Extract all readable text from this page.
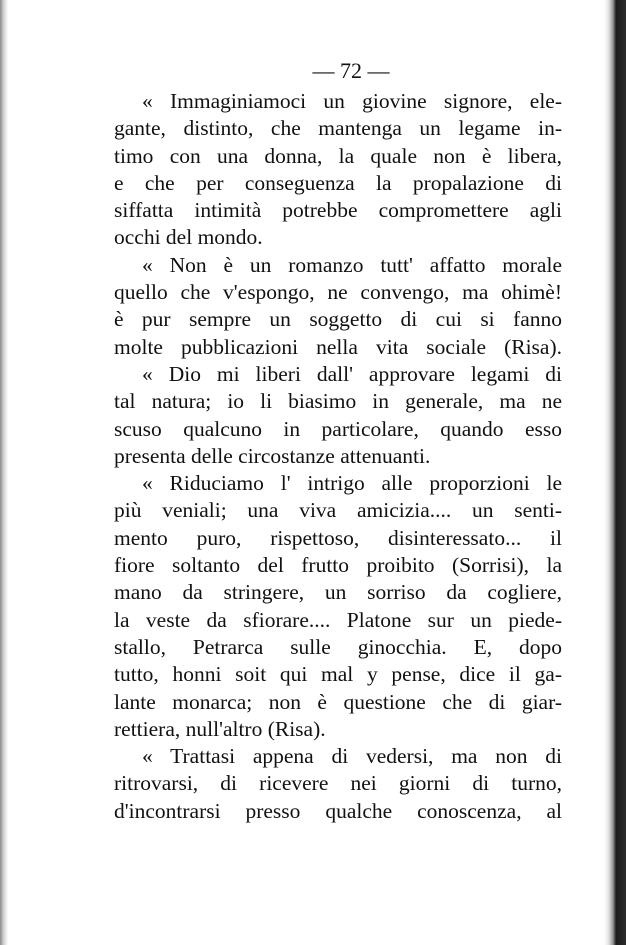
— 72 —
« Immaginiamoci un giovine signore, ele-
gante, distinto, che mantenga un legame in-
timo con una donna, la quale non è libera,
e che per conseguenza la propalazione di
siffatta intimità potrebbe compromettere agli
occhi del mondo.
« Non è un romanzo tutt' affatto morale
quello che v'espongo, ne convengo, ma ohimè!
è pur sempre un soggetto di cui si fanno
molte pubblicazioni nella vita sociale (Risa).
« Dio mi liberi dall' approvare legami di
tal natura; io li biasimo in generale, ma ne
scuso qualcuno in particolare, quando esso
presenta delle circostanze attenuanti.
« Riduciamo l' intrigo alle proporzioni le
più veniali; una viva amicizia.... un senti-
mento puro, rispettoso, disinteressato... il
fiore soltanto del frutto proibito (Sorrisi), la
mano da stringere, un sorriso da cogliere,
la veste da sfiorare.... Platone sur un piede-
stallo, Petrarca sulle ginocchia. E, dopo
tutto, honni soit qui mal y pense, dice il ga-
lante monarca; non è questione che di giar-
rettiera, null'altro (Risa).
« Trattasi appena di vedersi, ma non di
ritrovarsi, di ricevere nei giorni di turno,
d'incontrarsi presso qualche conoscenza, al
